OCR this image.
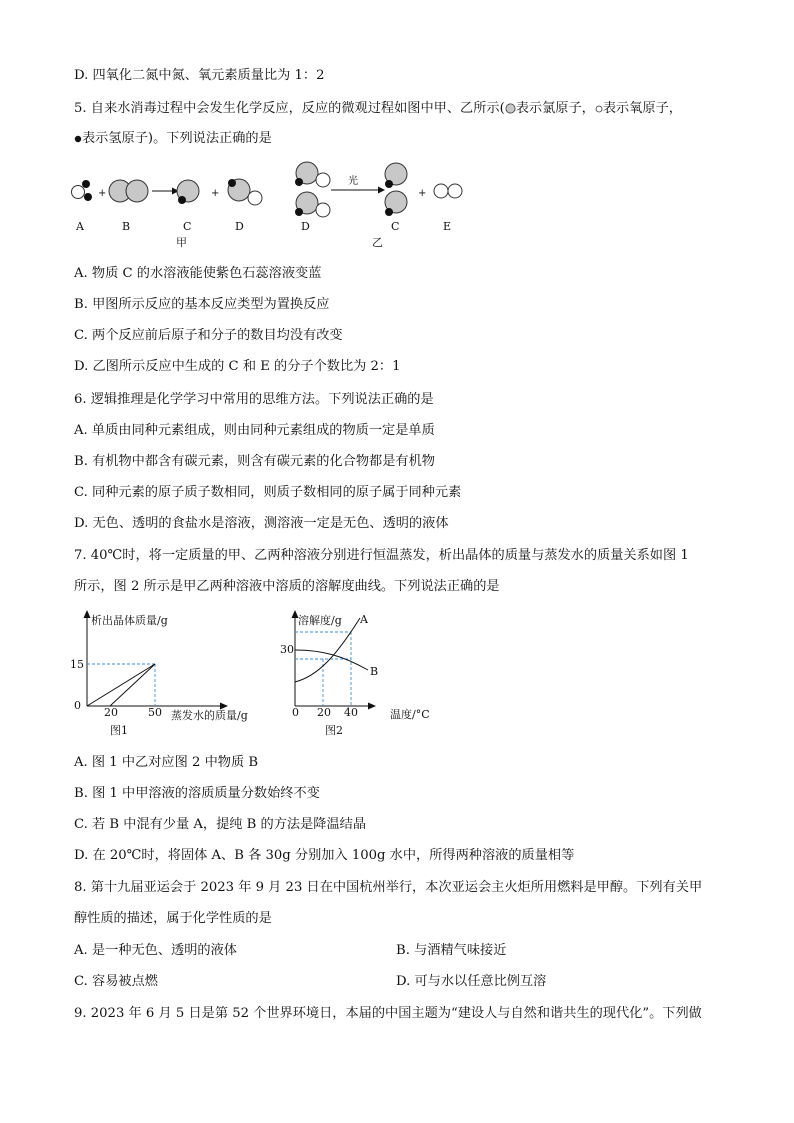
D. 四氧化二氮中氮、氧元素质量比为 1：2
5. 自来水消毒过程中会发生化学反应，反应的微观过程如图中甲、乙所示( 表示氯原子， 表示氧原子，
表示氢原子)。下列说法正确的是
+	+
光
+
A	B	C	D
甲
D	C	E
乙
A. 物质 C 的水溶液能使紫色石蕊溶液变蓝
B. 甲图所示反应的基本反应类型为置换反应
C. 两个反应前后原子和分子的数目均没有改变
D. 乙图所示反应中生成的 C 和 E 的分子个数比为 2：1
6. 逻辑推理是化学学习中常用的思维方法。下列说法正确的是
A. 单质由同种元素组成，则由同种元素组成的物质一定是单质
B. 有机物中都含有碳元素，则含有碳元素的化合物都是有机物
C. 同种元素的原子质子数相同，则质子数相同的原子属于同种元素
D. 无色、透明的食盐水是溶液，测溶液一定是无色、透明的液体
7. 40℃时，将一定质量的甲、乙两种溶液分别进行恒温蒸发，析出晶体的质量与蒸发水的质量关系如图 1
所示，图 2 所示是甲乙两种溶液中溶质的溶解度曲线。下列说法正确的是
析出晶体质量/g
蒸发水的质量/g
15
0
20	50
图1
溶解度/g
温度/°C
30
0 20 40
A
B
图2
A. 图 1 中乙对应图 2 中物质 B
B. 图 1 中甲溶液的溶质质量分数始终不变
C. 若 B 中混有少量 A，提纯 B 的方法是降温结晶
D. 在 20℃时，将固体 A、B 各 30g 分别加入 100g 水中，所得两种溶液的质量相等
8. 第十九届亚运会于 2023 年 9 月 23 日在中国杭州举行，本次亚运会主火炬所用燃料是甲醇。下列有关甲
醇性质的描述，属于化学性质的是
A. 是一种无色、透明的液体	B. 与酒精气味接近
C. 容易被点燃	D. 可与水以任意比例互溶
9. 2023 年 6 月 5 日是第 52 个世界环境日，本届的中国主题为“建设人与自然和谐共生的现代化”。下列做
